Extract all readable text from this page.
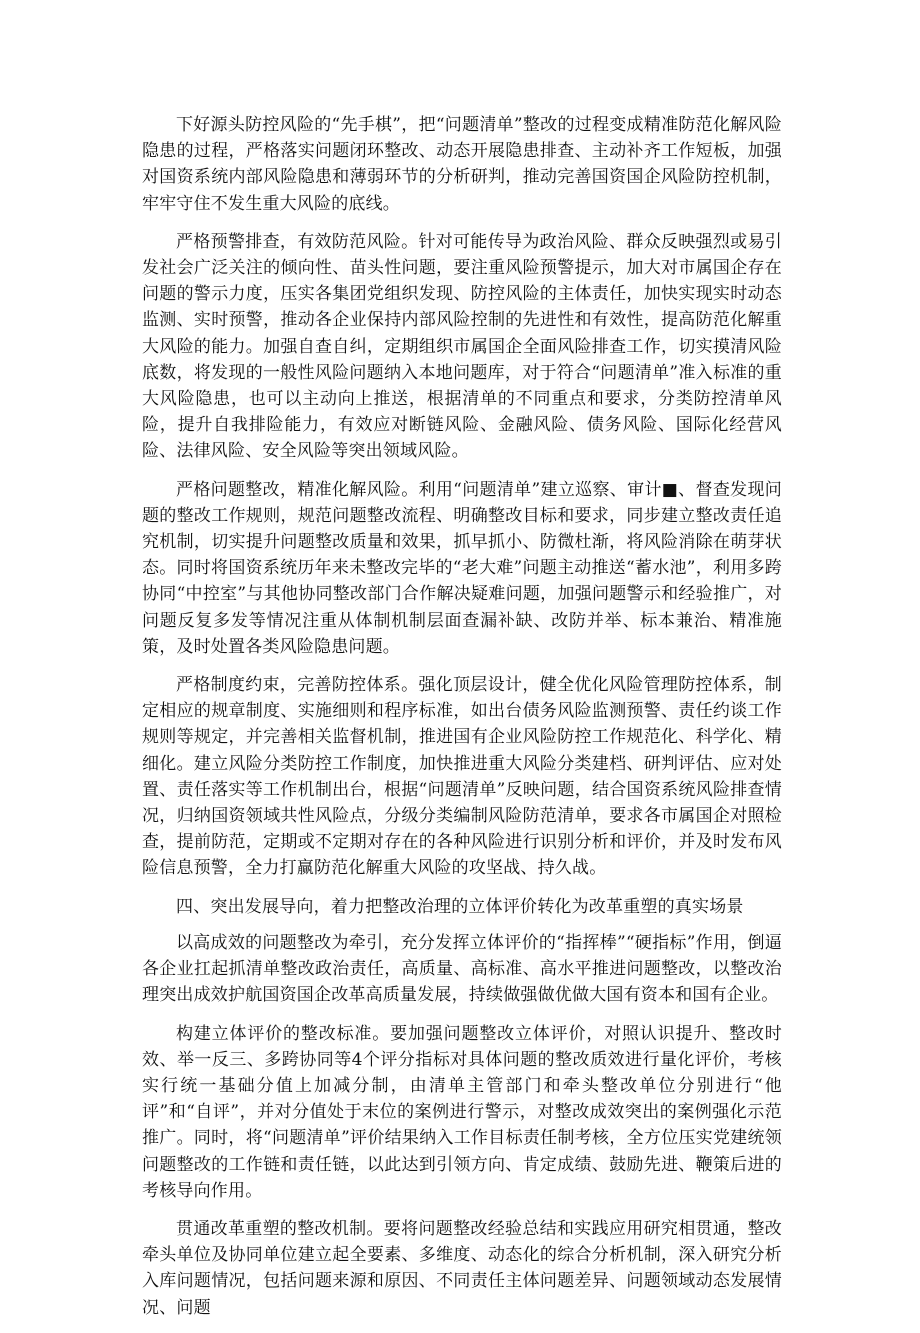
下好源头防控风险的“先手棋”，把“问题清单”整改的过程变成精准防范化解风险隐患的过程，严格落实问题闭环整改、动态开展隐患排查、主动补齐工作短板，加强对国资系统内部风险隐患和薄弱环节的分析研判，推动完善国资国企风险防控机制，牢牢守住不发生重大风险的底线。

严格预警排查，有效防范风险。针对可能传导为政治风险、群众反映强烈或易引发社会广泛关注的倾向性、苗头性问题，要注重风险预警提示，加大对市属国企存在问题的警示力度，压实各集团党组织发现、防控风险的主体责任，加快实现实时动态监测、实时预警，推动各企业保持内部风险控制的先进性和有效性，提高防范化解重大风险的能力。加强自查自纠，定期组织市属国企全面风险排查工作，切实摸清风险底数，将发现的一般性风险问题纳入本地问题库，对于符合“问题清单”准入标准的重大风险隐患，也可以主动向上推送，根据清单的不同重点和要求，分类防控清单风险，提升自我排险能力，有效应对断链风险、金融风险、债务风险、国际化经营风险、法律风险、安全风险等突出领域风险。

严格问题整改，精准化解风险。利用“问题清单”建立巡察、审计■、督查发现问题的整改工作规则，规范问题整改流程、明确整改目标和要求，同步建立整改责任追究机制，切实提升问题整改质量和效果，抓早抓小、防微杜渐，将风险消除在萌芽状态。同时将国资系统历年来未整改完毕的“老大难”问题主动推送“蓄水池”，利用多跨协同“中控室”与其他协同整改部门合作解决疑难问题，加强问题警示和经验推广，对问题反复多发等情况注重从体制机制层面查漏补缺、改防并举、标本兼治、精准施策，及时处置各类风险隐患问题。

严格制度约束，完善防控体系。强化顶层设计，健全优化风险管理防控体系，制定相应的规章制度、实施细则和程序标准，如出台债务风险监测预警、责任约谈工作规则等规定，并完善相关监督机制，推进国有企业风险防控工作规范化、科学化、精细化。建立风险分类防控工作制度，加快推进重大风险分类建档、研判评估、应对处置、责任落实等工作机制出台，根据“问题清单”反映问题，结合国资系统风险排查情况，归纳国资领域共性风险点，分级分类编制风险防范清单，要求各市属国企对照检查，提前防范，定期或不定期对存在的各种风险进行识别分析和评价，并及时发布风险信息预警，全力打赢防范化解重大风险的攻坚战、持久战。

四、突出发展导向，着力把整改治理的立体评价转化为改革重塑的真实场景

以高成效的问题整改为牵引，充分发挥立体评价的“指挥棒”“硬指标”作用，倒逼各企业扛起抓清单整改政治责任，高质量、高标准、高水平推进问题整改，以整改治理突出成效护航国资国企改革高质量发展，持续做强做优做大国有资本和国有企业。

构建立体评价的整改标准。要加强问题整改立体评价，对照认识提升、整改时效、举一反三、多跨协同等4个评分指标对具体问题的整改质效进行量化评价，考核实行统一基础分值上加减分制，由清单主管部门和牵头整改单位分别进行“他评”和“自评”，并对分值处于末位的案例进行警示，对整改成效突出的案例强化示范推广。同时，将“问题清单”评价结果纳入工作目标责任制考核，全方位压实党建统领问题整改的工作链和责任链，以此达到引领方向、肯定成绩、鼓励先进、鞭策后进的考核导向作用。

贯通改革重塑的整改机制。要将问题整改经验总结和实践应用研究相贯通，整改牵头单位及协同单位建立起全要素、多维度、动态化的综合分析机制，深入研究分析入库问题情况，包括问题来源和原因、不同责任主体问题差异、问题领域动态发展情况、问题
